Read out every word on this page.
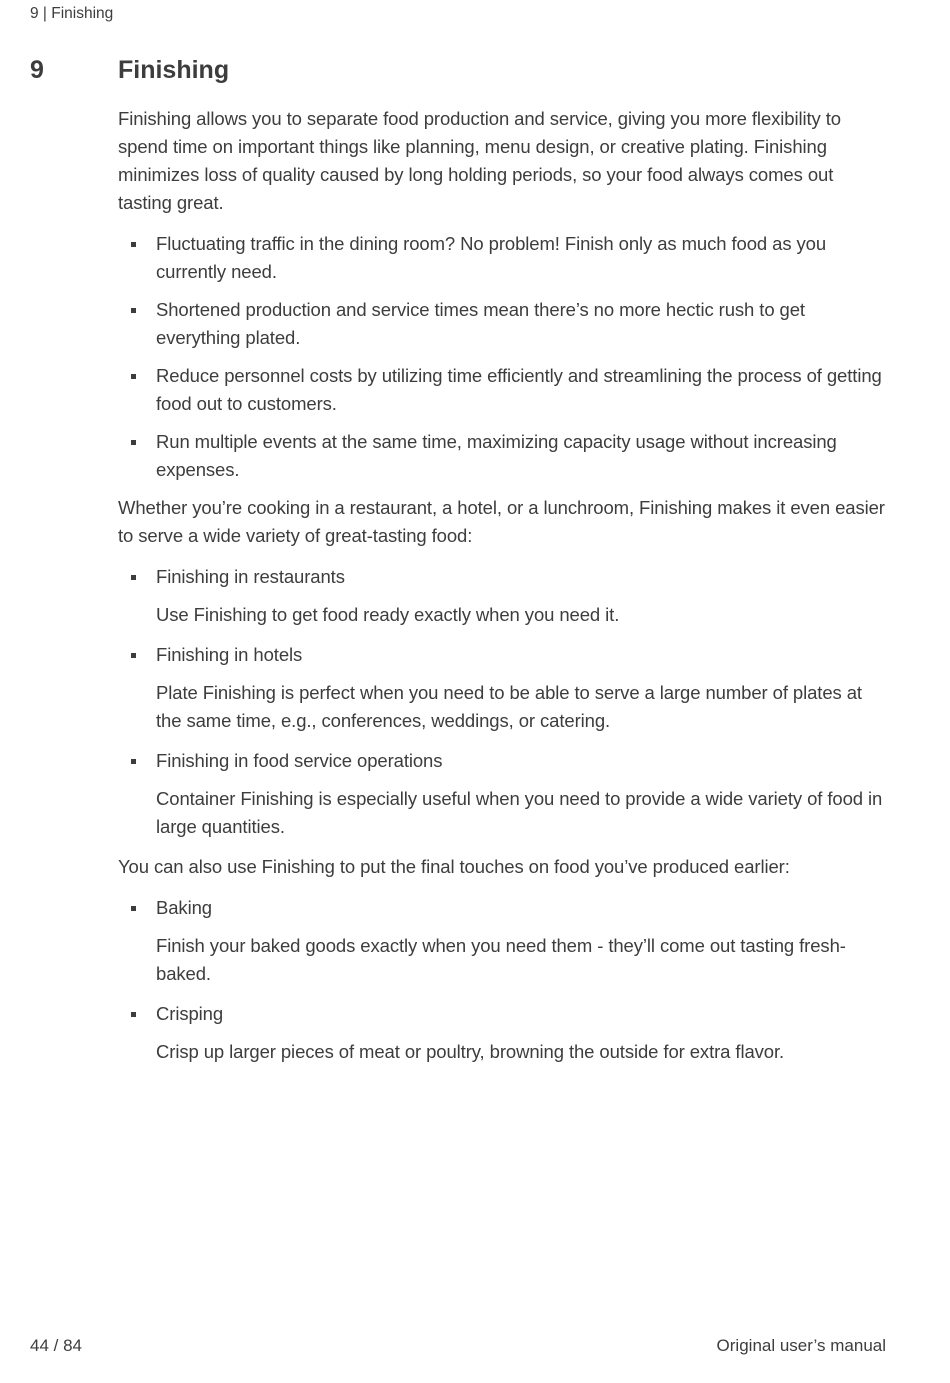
9 | Finishing
9	Finishing

Finishing allows you to separate food production and service, giving you more flexibility to spend time on important things like planning, menu design, or creative plating. Finishing minimizes loss of quality caused by long holding periods, so your food always comes out tasting great.

Fluctuating traffic in the dining room? No problem! Finish only as much food as you currently need.
Shortened production and service times mean there’s no more hectic rush to get everything plated.
Reduce personnel costs by utilizing time efficiently and streamlining the process of getting food out to customers.
Run multiple events at the same time, maximizing capacity usage without increasing expenses.

Whether you’re cooking in a restaurant, a hotel, or a lunchroom, Finishing makes it even easier to serve a wide variety of great-tasting food:

Finishing in restaurants

Use Finishing to get food ready exactly when you need it.

Finishing in hotels

Plate Finishing is perfect when you need to be able to serve a large number of plates at the same time, e.g., conferences, weddings, or catering.

Finishing in food service operations

Container Finishing is especially useful when you need to provide a wide variety of food in large quantities.

You can also use Finishing to put the final touches on food you’ve produced earlier:

Baking

Finish your baked goods exactly when you need them - they’ll come out tasting fresh-baked.

Crisping

Crisp up larger pieces of meat or poultry, browning the outside for extra flavor.

44 / 84	Original user’s manual
